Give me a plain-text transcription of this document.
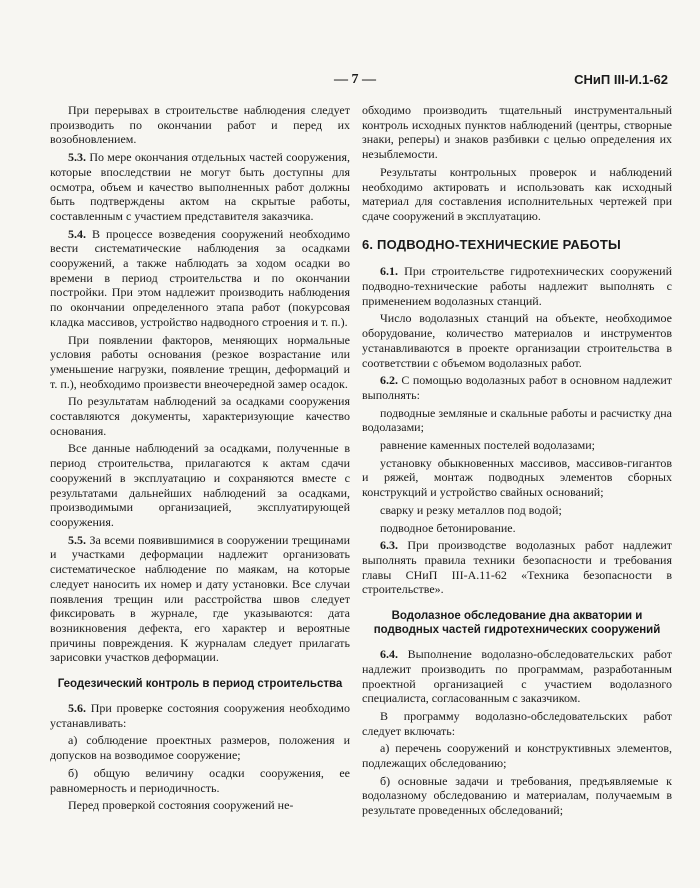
— 7 —	СНиП III-И.1-62

При перерывах в строительстве наблюдения следует производить по окончании работ и перед их возобновлением.

5.3. По мере окончания отдельных частей сооружения, которые впоследствии не могут быть доступны для осмотра, объем и качество выполненных работ должны быть подтверждены актом на скрытые работы, составленным с участием представителя заказчика.

5.4. В процессе возведения сооружений необходимо вести систематические наблюдения за осадками сооружений, а также наблюдать за ходом осадки во времени в период строительства и по окончании постройки. При этом надлежит производить наблюдения по окончании определенного этапа работ (покурсовая кладка массивов, устройство надводного строения и т. п.).

При появлении факторов, меняющих нормальные условия работы основания (резкое возрастание или уменьшение нагрузки, появление трещин, деформаций и т. п.), необходимо произвести внеочередной замер осадок.

По результатам наблюдений за осадками сооружения составляются документы, характеризующие качество основания.

Все данные наблюдений за осадками, полученные в период строительства, прилагаются к актам сдачи сооружений в эксплуатацию и сохраняются вместе с результатами дальнейших наблюдений за осадками, производимыми организацией, эксплуатирующей сооружения.

5.5. За всеми появившимися в сооружении трещинами и участками деформации надлежит организовать систематическое наблюдение по маякам, на которые следует наносить их номер и дату установки. Все случаи появления трещин или расстройства швов следует фиксировать в журнале, где указываются: дата возникновения дефекта, его характер и вероятные причины повреждения. К журналам следует прилагать зарисовки участков деформации.

Геодезический контроль в период строительства

5.6. При проверке состояния сооружения необходимо устанавливать:

а) соблюдение проектных размеров, положения и допусков на возводимое сооружение;

б) общую величину осадки сооружения, ее равномерность и периодичность.

Перед проверкой состояния сооружений не-

обходимо производить тщательный инструментальный контроль исходных пунктов наблюдений (центры, створные знаки, реперы) и знаков разбивки с целью определения их незыблемости.

Результаты контрольных проверок и наблюдений необходимо актировать и использовать как исходный материал для составления исполнительных чертежей при сдаче сооружений в эксплуатацию.

6. ПОДВОДНО-ТЕХНИЧЕСКИЕ РАБОТЫ

6.1. При строительстве гидротехнических сооружений подводно-технические работы надлежит выполнять с применением водолазных станций.

Число водолазных станций на объекте, необходимое оборудование, количество материалов и инструментов устанавливаются в проекте организации строительства в соответствии с объемом водолазных работ.

6.2. С помощью водолазных работ в основном надлежит выполнять:

подводные земляные и скальные работы и расчистку дна водолазами;

равнение каменных постелей водолазами;

установку обыкновенных массивов, массивов-гигантов и ряжей, монтаж подводных элементов сборных конструкций и устройство свайных оснований;

сварку и резку металлов под водой;

подводное бетонирование.

6.3. При производстве водолазных работ надлежит выполнять правила техники безопасности и требования главы СНиП III-А.11-62 «Техника безопасности в строительстве».

Водолазное обследование дна акватории и подводных частей гидротехнических сооружений

6.4. Выполнение водолазно-обследовательских работ надлежит производить по программам, разработанным проектной организацией с участием водолазного специалиста, согласованным с заказчиком.

В программу водолазно-обследовательских работ следует включать:

а) перечень сооружений и конструктивных элементов, подлежащих обследованию;

б) основные задачи и требования, предъявляемые к водолазному обследованию и материалам, получаемым в результате проведенных обследований;
